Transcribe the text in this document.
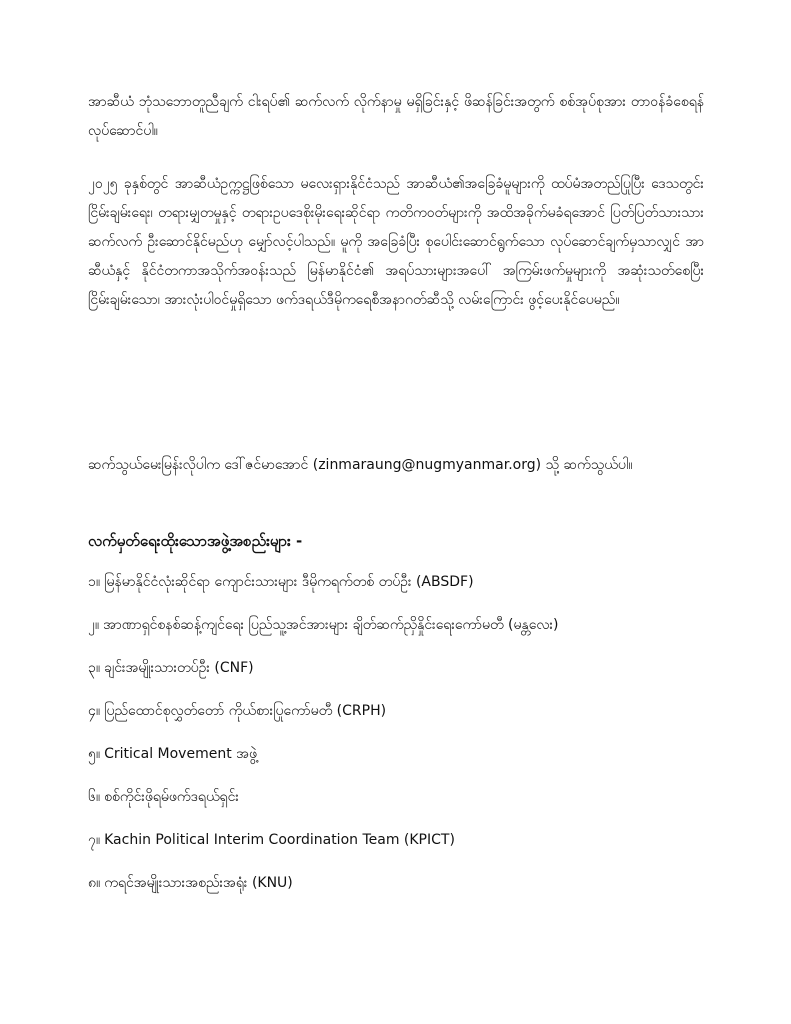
အာဆီယံ ဘုံသဘောတူညီချက် ငါးရပ်၏ ဆက်လက် လိုက်နာမှု မရှိခြင်းနှင့် ဖိဆန်ခြင်းအတွက် စစ်အုပ်စုအား တာဝန်ခံစေရန် လုပ်ဆောင်ပါ။

၂၀၂၅ ခုနှစ်တွင် အာဆီယံဥက္ကဋ္ဌဖြစ်သော မလေးရှားနိုင်ငံသည် အာဆီယံ၏အခြေခံမူများကို ထပ်မံအတည်ပြုပြီး ဒေသတွင်း ငြိမ်းချမ်းရေး၊ တရားမျှတမှုနှင့် တရားဥပဒေစိုးမိုးရေးဆိုင်ရာ ကတိကဝတ်များကို အထိအခိုက်မခံရအောင် ပြတ်ပြတ်သားသား ဆက်လက် ဦးဆောင်နိုင်မည်ဟု မျှော်လင့်ပါသည်။ မူကို အခြေခံပြီး စုပေါင်းဆောင်ရွက်သော လုပ်ဆောင်ချက်မှသာလျှင် အာဆီယံနှင့် နိုင်ငံတကာအသိုက်အဝန်းသည် မြန်မာနိုင်ငံ၏ အရပ်သားများအပေါ် အကြမ်းဖက်မှုများကို အဆုံးသတ်စေပြီး ငြိမ်းချမ်းသော၊ အားလုံးပါဝင်မှုရှိသော ဖက်ဒရယ်ဒီမိုကရေစီအနာဂတ်ဆီသို့ လမ်းကြောင်း ဖွင့်ပေးနိုင်ပေမည်။

ဆက်သွယ်မေးမြန်းလိုပါက ဒေါ်ဇင်မာအောင် (zinmaraung@nugmyanmar.org) သို့ ဆက်သွယ်ပါ။

လက်မှတ်ရေးထိုးသောအဖွဲ့အစည်းများ -
၁။ မြန်မာနိုင်ငံလုံးဆိုင်ရာ ကျောင်းသားများ ဒီမိုကရက်တစ် တပ်ဦး (ABSDF)
၂။ အာဏာရှင်စနစ်ဆန့်ကျင်ရေး ပြည်သူ့အင်အားများ ချိတ်ဆက်ညှိနှိုင်းရေးကော်မတီ (မန္တလေး)
၃။ ချင်းအမျိုးသားတပ်ဦး (CNF)
၄။ ပြည်ထောင်စုလွှတ်တော် ကိုယ်စားပြုကော်မတီ (CRPH)
၅။ Critical Movement အဖွဲ့
၆။ စစ်ကိုင်းဖိုရမ်ဖက်ဒရယ်ရှင်း
၇။ Kachin Political Interim Coordination Team (KPICT)
၈။ ကရင်အမျိုးသားအစည်းအရုံး (KNU)
